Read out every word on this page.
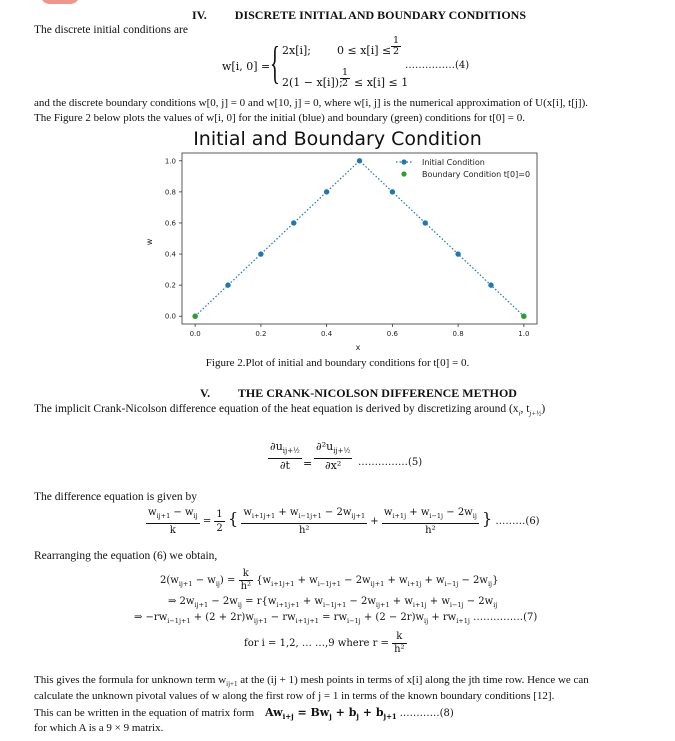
IV. DISCRETE INITIAL AND BOUNDARY CONDITIONS
The discrete initial conditions are
w[i, 0] = { 2x[i]; $0 \le x[i] \le \frac{1}{2}$
……………(4)
2(1 − x[i]);
$\frac{1}{2} \le x[i] \le 1$
and the discrete boundary conditions w[0, j] = 0 and w[10, j] = 0, where w[i, j] is the numerical approximation of U(x[i], t[j]).
The Figure 2 below plots the values of w[i, 0] for the initial (blue) and boundary (green) conditions for t[0] = 0.
Initial and Boundary Condition
0.0	0.2	0.4	0.6	0.8	1.0
0.0
0.2
0.4
0.6
0.8
1.0	Initial Condition
Boundary Condition t[0]=0
x
w
Figure 2.Plot of initial and boundary conditions for t[0] = 0.
V. THE CRANK-NICOLSON DIFFERENCE METHOD
The implicit Crank-Nicolson difference equation of the heat equation is derived by discretizing around ($x_i$, $t_{j+\frac{1}{2}}$)
$\partial u_{ij+\frac{1}{2}}$
∂t	=
$\partial^2u_{ij+\frac{1}{2}}$
∂x²	……………(5)
The difference equation is given by
$\frac{w_{ij+1} - w_{ij}}{k} = \frac{1}{2}$ { $\frac{w_{i+1j+1} + w_{i-1j+1} - 2w_{ij+1}}{\text{h²}} + \frac{w_{i+1j} + w_{i-1j} - 2w_{ij}}{\text{h²}}$ } ………(6)
Rearranging the equation (6) we obtain,
$2(w_{ij+1} - w_{ij}) = \frac{k}{\text{h²}} \{w_{i+1j+1} + w_{i-1j+1} - 2w_{ij+1} + w_{i+1j} + w_{i-1j} - 2w_{ij}\}$
⇒ $2w_{ij+1} - 2w_{ij} = r\{w_{i+1j+1} + w_{i-1j+1} - 2w_{ij+1} + w_{i+1j} + w_{i-1j} - 2w_{ij}$
⇒ $-rw_{i-1j+1} + (2 + 2r)w_{ij+1} - rw_{i+1j+1} = rw_{i-1j} + (2 - 2r)w_{ij} + rw_{i+1j}$ ……………(7)
for i = 1,2, … …,9 where $r = \frac{k}{\text{h²}}$
This gives the formula for unknown term $w_{ij+1}$ at the (ij + 1) mesh points in terms of x[i] along the jth time row. Hence we can
calculate the unknown pivotal values of w along the first row of j = 1 in terms of the known boundary conditions [12].
This can be written in the equation of matrix form $Aw_{i+j} = Bw_j + b_j + b_{j+1}$ …………(8)
for which A is a 9 × 9 matrix.
